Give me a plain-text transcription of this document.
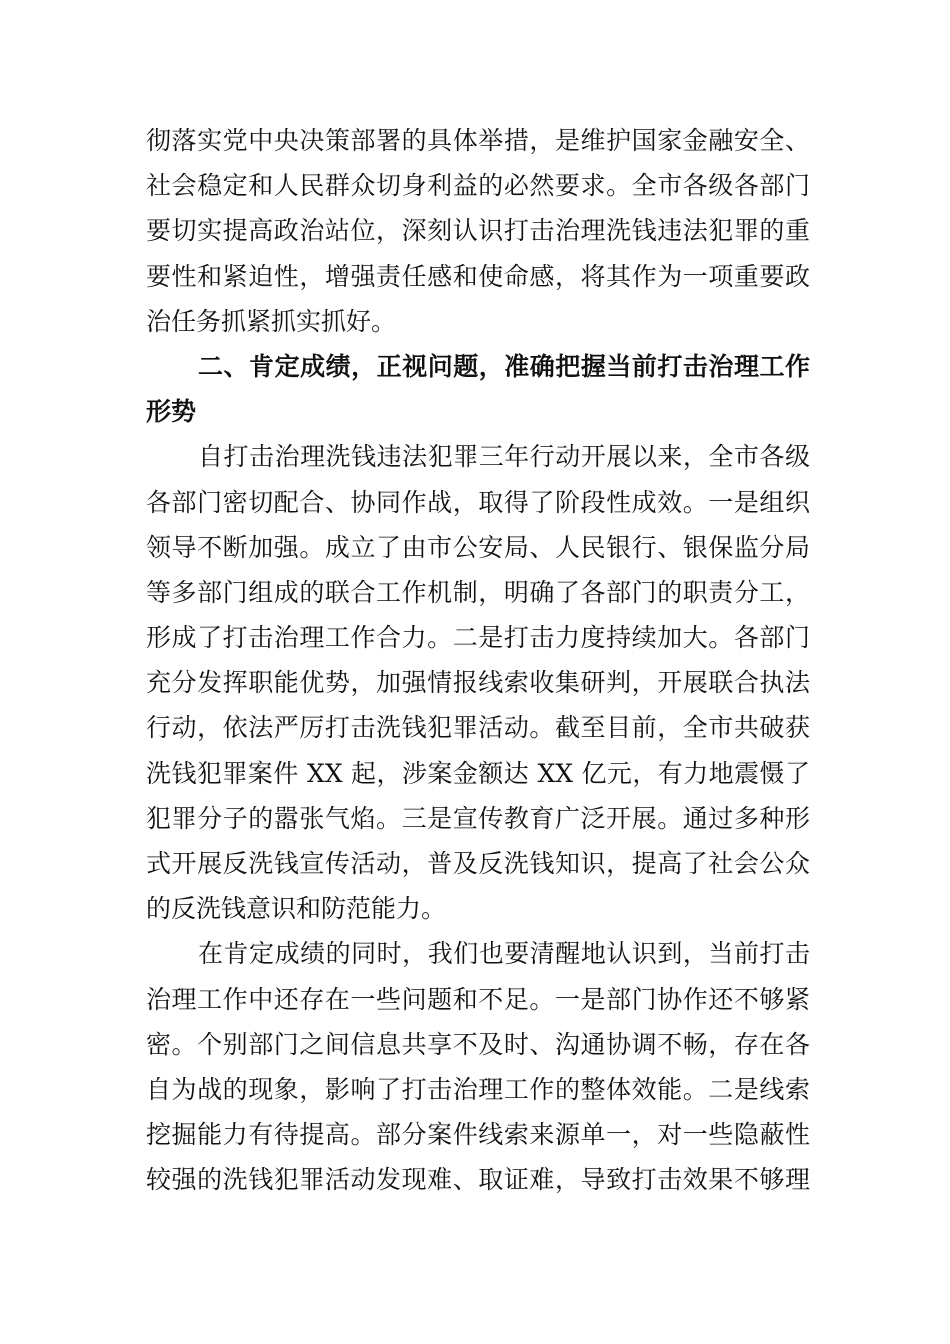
彻落实党中央决策部署的具体举措，是维护国家金融安全、
社会稳定和人民群众切身利益的必然要求。全市各级各部门
要切实提高政治站位，深刻认识打击治理洗钱违法犯罪的重
要性和紧迫性，增强责任感和使命感，将其作为一项重要政
治任务抓紧抓实抓好。
二、肯定成绩，正视问题，准确把握当前打击治理工作
形势
自打击治理洗钱违法犯罪三年行动开展以来，全市各级
各部门密切配合、协同作战，取得了阶段性成效。一是组织
领导不断加强。成立了由市公安局、人民银行、银保监分局
等多部门组成的联合工作机制，明确了各部门的职责分工，
形成了打击治理工作合力。二是打击力度持续加大。各部门
充分发挥职能优势，加强情报线索收集研判，开展联合执法
行动，依法严厉打击洗钱犯罪活动。截至目前，全市共破获
洗钱犯罪案件 XX 起，涉案金额达 XX 亿元，有力地震慑了
犯罪分子的嚣张气焰。三是宣传教育广泛开展。通过多种形
式开展反洗钱宣传活动，普及反洗钱知识，提高了社会公众
的反洗钱意识和防范能力。
在肯定成绩的同时，我们也要清醒地认识到，当前打击
治理工作中还存在一些问题和不足。一是部门协作还不够紧
密。个别部门之间信息共享不及时、沟通协调不畅，存在各
自为战的现象，影响了打击治理工作的整体效能。二是线索
挖掘能力有待提高。部分案件线索来源单一，对一些隐蔽性
较强的洗钱犯罪活动发现难、取证难，导致打击效果不够理
